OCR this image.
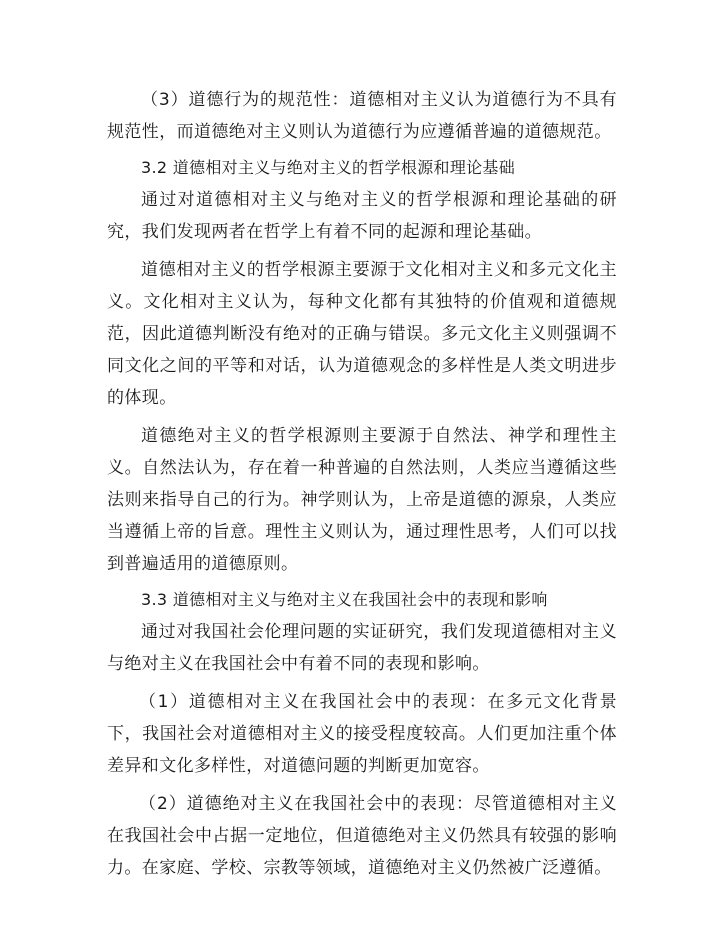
（3）道德行为的规范性：道德相对主义认为道德行为不具有规范性，而道德绝对主义则认为道德行为应遵循普遍的道德规范。

3.2 道德相对主义与绝对主义的哲学根源和理论基础

通过对道德相对主义与绝对主义的哲学根源和理论基础的研究，我们发现两者在哲学上有着不同的起源和理论基础。

道德相对主义的哲学根源主要源于文化相对主义和多元文化主义。文化相对主义认为，每种文化都有其独特的价值观和道德规范，因此道德判断没有绝对的正确与错误。多元文化主义则强调不同文化之间的平等和对话，认为道德观念的多样性是人类文明进步的体现。

道德绝对主义的哲学根源则主要源于自然法、神学和理性主义。自然法认为，存在着一种普遍的自然法则，人类应当遵循这些法则来指导自己的行为。神学则认为，上帝是道德的源泉，人类应当遵循上帝的旨意。理性主义则认为，通过理性思考，人们可以找到普遍适用的道德原则。

3.3 道德相对主义与绝对主义在我国社会中的表现和影响

通过对我国社会伦理问题的实证研究，我们发现道德相对主义与绝对主义在我国社会中有着不同的表现和影响。

（1）道德相对主义在我国社会中的表现：在多元文化背景下，我国社会对道德相对主义的接受程度较高。人们更加注重个体差异和文化多样性，对道德问题的判断更加宽容。

（2）道德绝对主义在我国社会中的表现：尽管道德相对主义在我国社会中占据一定地位，但道德绝对主义仍然具有较强的影响力。在家庭、学校、宗教等领域，道德绝对主义仍然被广泛遵循。
